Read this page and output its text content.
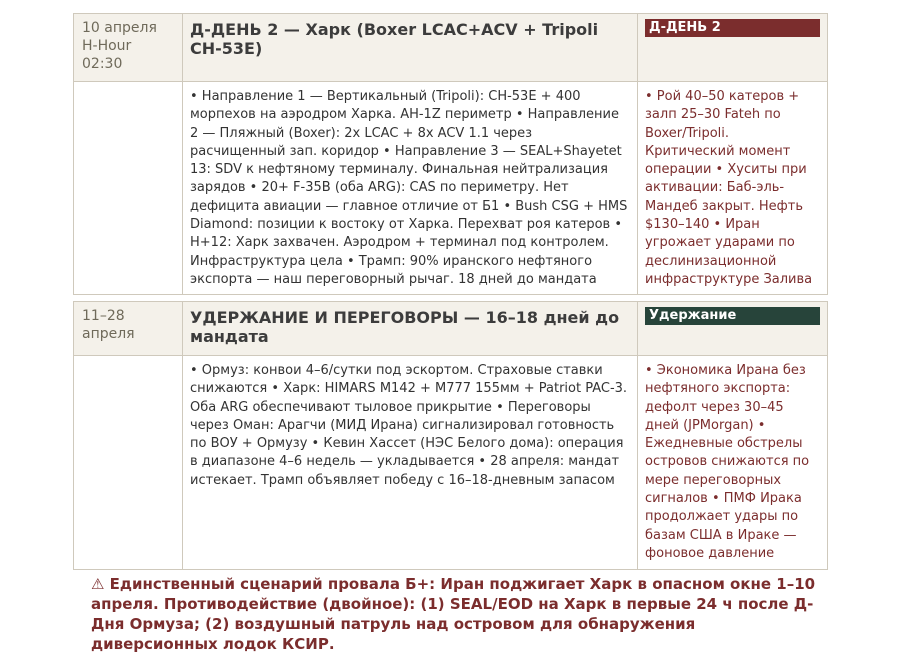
10 апреля
H-Hour
02:30
Д-ДЕНЬ 2 — Харк (Boxer LCAC+ACV + Tripoli CH-53E)
Д-ДЕНЬ 2
• Направление 1 — Вертикальный (Tripoli): CH-53E + 400 морпехов на аэродром Харка. AH-1Z периметр • Направление 2 — Пляжный (Boxer): 2x LCAC + 8x ACV 1.1 через расчищенный зап. коридор • Направление 3 — SEAL+Shayetet 13: SDV к нефтяному терминалу. Финальная нейтрализация зарядов • 20+ F-35B (оба ARG): CAS по периметру. Нет дефицита авиации — главное отличие от Б1 • Bush CSG + HMS Diamond: позиции к востоку от Харка. Перехват роя катеров • H+12: Харк захвачен. Аэродром + терминал под контролем. Инфраструктура цела • Трамп: 90% иранского нефтяного экспорта — наш переговорный рычаг. 18 дней до мандата
• Рой 40–50 катеров + залп 25–30 Fateh по Boxer/Tripoli. Критический момент операции • Хуситы при активации: Баб-эль-Мандеб закрыт. Нефть $130–140 • Иран угрожает ударами по деслинизационной инфраструктуре Залива
11–28
апреля
УДЕРЖАНИЕ И ПЕРЕГОВОРЫ — 16–18 дней до мандата
Удержание
• Ормуз: конвои 4–6/сутки под эскортом. Страховые ставки снижаются • Харк: HIMARS M142 + M777 155мм + Patriot PAC-3. Оба ARG обеспечивают тыловое прикрытие • Переговоры через Оман: Арагчи (МИД Ирана) сигнализировал готовность по ВОУ + Ормузу • Кевин Хассет (НЭС Белого дома): операция в диапазоне 4–6 недель — укладывается • 28 апреля: мандат истекает. Трамп объявляет победу с 16–18-дневным запасом
• Экономика Ирана без нефтяного экспорта: дефолт через 30–45 дней (JPMorgan) • Ежедневные обстрелы островов снижаются по мере переговорных сигналов • ПМФ Ирака продолжает удары по базам США в Ираке — фоновое давление
⚠ Единственный сценарий провала Б+: Иран поджигает Харк в опасном окне 1–10 апреля. Противодействие (двойное): (1) SEAL/EOD на Харк в первые 24 ч после Д-Дня Ормуза; (2) воздушный патруль над островом для обнаружения диверсионных лодок КСИР.
